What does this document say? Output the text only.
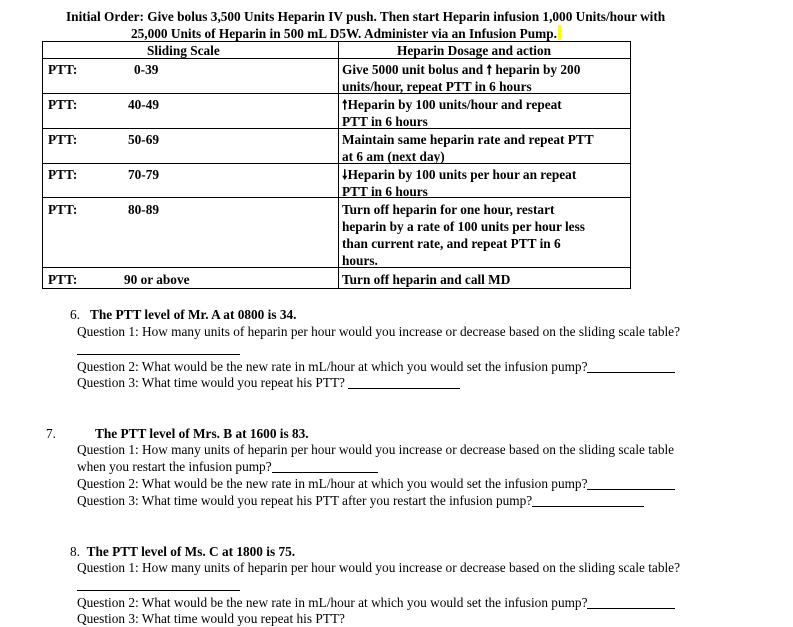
Initial Order: Give bolus 3,500 Units Heparin IV push. Then start Heparin infusion 1,000 Units/hour with
25,000 Units of Heparin in 500 mL D5W. Administer via an Infusion Pump.
Sliding Scale	Heparin Dosage and action
PTT:	0-39	Give 5000 unit bolus and 🠕 heparin by 200
units/hour, repeat PTT in 6 hours
PTT:	40-49	🠕Heparin by 100 units/hour and repeat
PTT in 6 hours
PTT:	50-69	Maintain same heparin rate and repeat PTT
at 6 am (next day)
PTT:	70-79	🠗Heparin by 100 units per hour an repeat
PTT in 6 hours
PTT:	80-89	Turn off heparin for one hour, restart
heparin by a rate of 100 units per hour less
than current rate, and repeat PTT in 6
hours.
PTT:	90 or above	Turn off heparin and call MD
6. The PTT level of Mr. A at 0800 is 34.
Question 1: How many units of heparin per hour would you increase or decrease based on the sliding scale table?
Question 2: What would be the new rate in mL/hour at which you would set the infusion pump?
Question 3: What time would you repeat his PTT?
7.	The PTT level of Mrs. B at 1600 is 83.
Question 1: How many units of heparin per hour would you increase or decrease based on the sliding scale table
when you restart the infusion pump?
Question 2: What would be the new rate in mL/hour at which you would set the infusion pump?
Question 3: What time would you repeat his PTT after you restart the infusion pump?
8. The PTT level of Ms. C at 1800 is 75.
Question 1: How many units of heparin per hour would you increase or decrease based on the sliding scale table?
Question 2: What would be the new rate in mL/hour at which you would set the infusion pump?
Question 3: What time would you repeat his PTT?
